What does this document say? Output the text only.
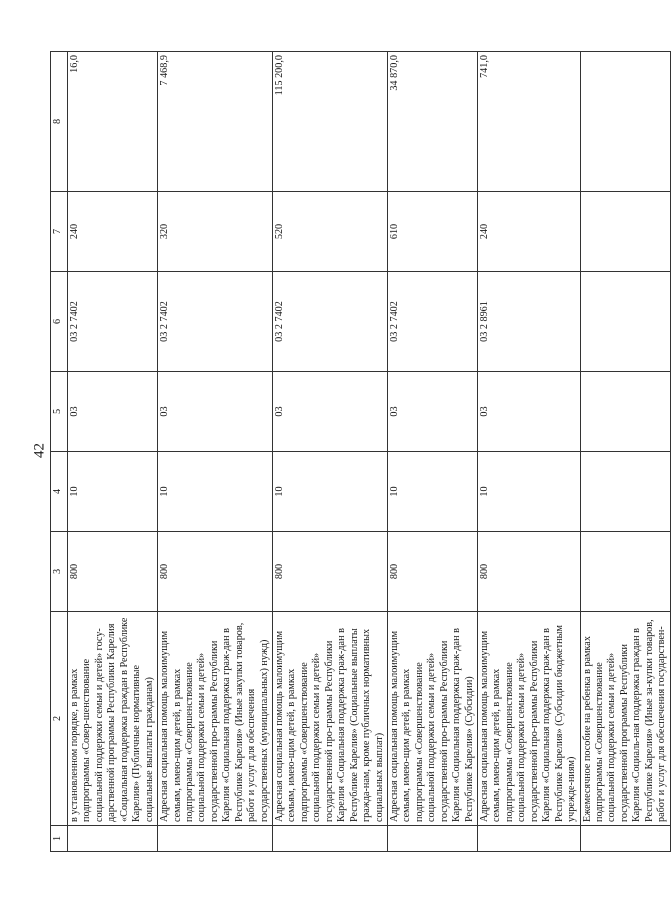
42
1	2	3	4	5	6	7	8
	в установленном порядке, в рамках подпрограммы «Совер-шенствование социальной поддержки семьи и детей» госу-дарственной программы Республики Карелия «Социальная поддержка граждан в Республике Карелия» (Публичные нормативные социальные выплаты гражданам)	800	10	03	03 2 7402	240	16,0
	Адресная социальная помощь малоимущим семьям, имею-щим детей, в рамках подпрограммы «Совершенствование социальной поддержки семьи и детей» государственной про-граммы Республики Карелия «Социальная поддержка граж-дан в Республике Карелия» (Иные закупки товаров, работ и услуг для обеспечения государственных (муниципальных) нужд)	800	10	03	03 2 7402	320	7 468,9
	Адресная социальная помощь малоимущим семьям, имею-щим детей, в рамках подпрограммы «Совершенствование социальной поддержки семьи и детей» государственной про-граммы Республики Карелия «Социальная поддержка граж-дан в Республике Карелия» (Социальные выплаты гражда-нам, кроме публичных нормативных социальных выплат)	800	10	03	03 2 7402	520	115 200,0
	Адресная социальная помощь малоимущим семьям, имею-щим детей, в рамках подпрограммы «Совершенствование социальной поддержки семьи и детей» государственной про-граммы Республики Карелия «Социальная поддержка граж-дан в Республике Карелия» (Субсидии)	800	10	03	03 2 7402	610	34 870,0
	Адресная социальная помощь малоимущим семьям, имею-щим детей, в рамках подпрограммы «Совершенствование социальной поддержки семьи и детей» государственной про-граммы Республики Карелия «Социальная поддержка граж-дан в Республике Карелия» (Субсидии бюджетным учрежде-ниям)	800	10	03	03 2 8961	240	741,0
	Ежемесячное пособие на ребенка в рамках подпрограммы «Совершенствование социальной поддержки семьи и детей» государственной программы Республики Карелия «Социаль-ная поддержка граждан в Республике Карелия» (Иные за-купки товаров, работ и услуг для обеспечения государствен-						
